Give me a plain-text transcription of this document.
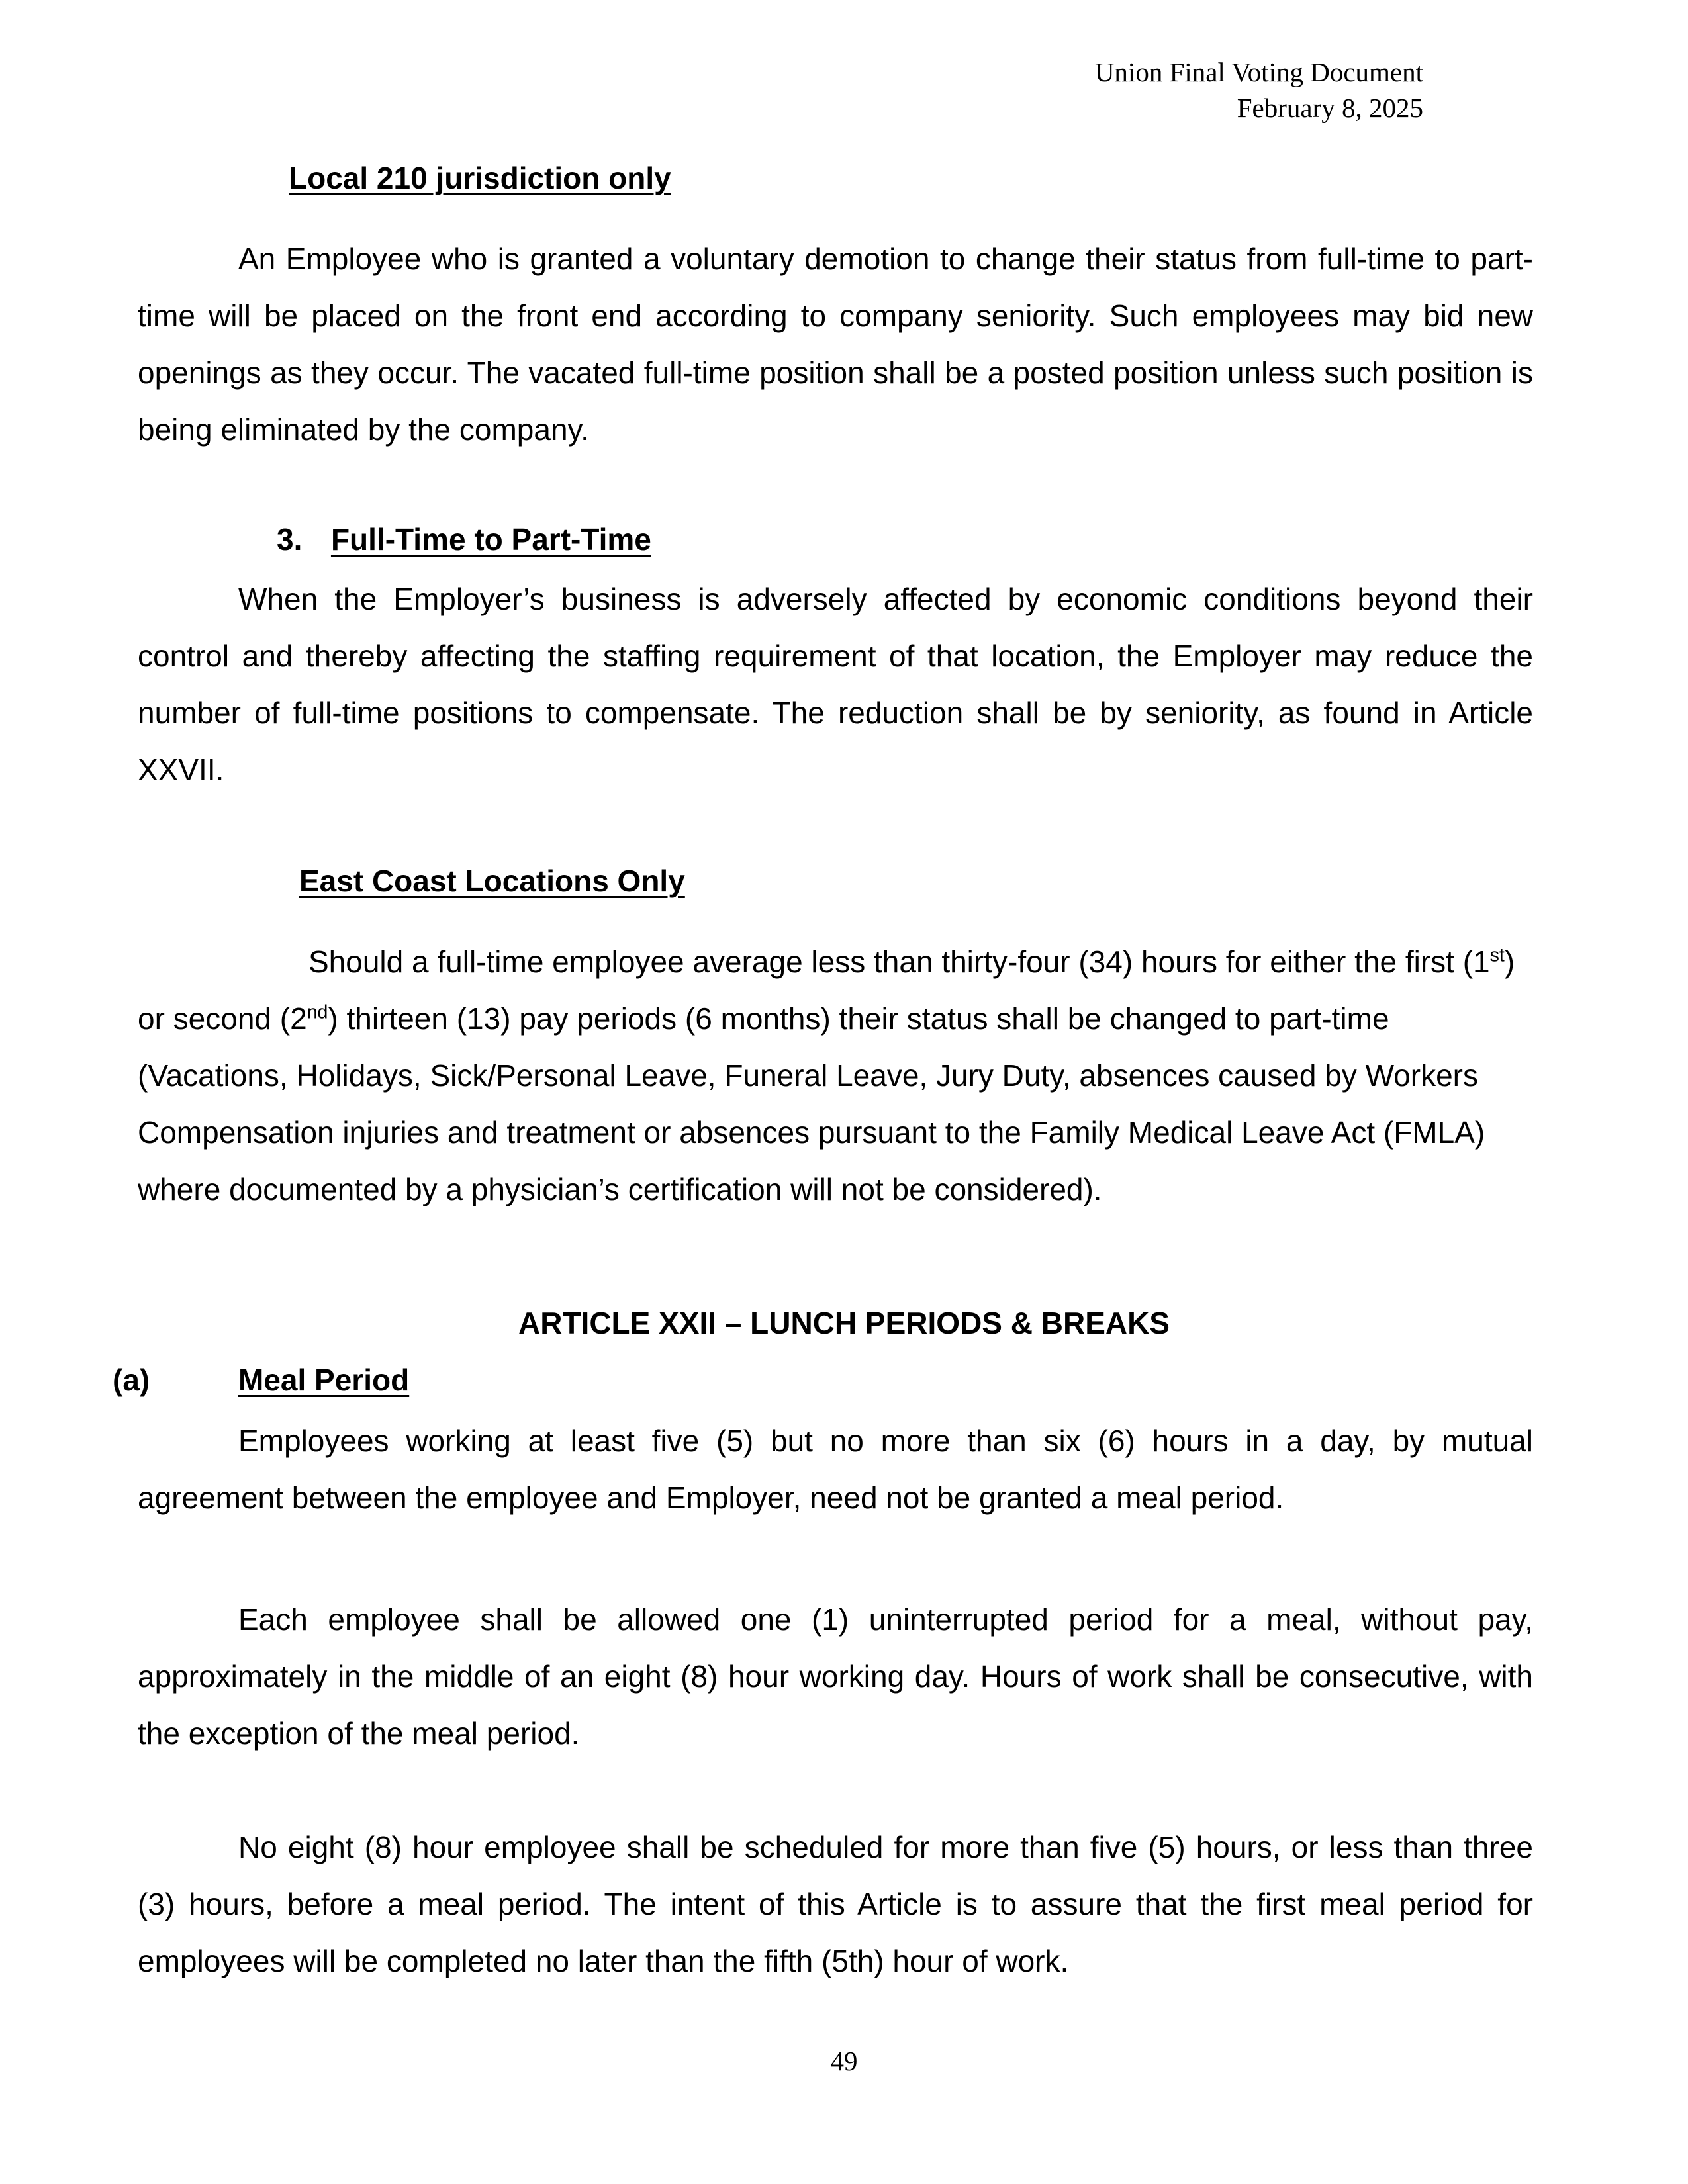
Union Final Voting Document
February 8, 2025
Local 210 jurisdiction only
An Employee who is granted a voluntary demotion to change their status from full-time to part-time will be placed on the front end according to company seniority. Such employees may bid new openings as they occur. The vacated full-time position shall be a posted position unless such position is being eliminated by the company.
3. Full-Time to Part-Time
When the Employer’s business is adversely affected by economic conditions beyond their control and thereby affecting the staffing requirement of that location, the Employer may reduce the number of full-time positions to compensate. The reduction shall be by seniority, as found in Article XXVII.
East Coast Locations Only
Should a full-time employee average less than thirty-four (34) hours for either the first (1st) or second (2nd) thirteen (13) pay periods (6 months) their status shall be changed to part-time (Vacations, Holidays, Sick/Personal Leave, Funeral Leave, Jury Duty, absences caused by Workers Compensation injuries and treatment or absences pursuant to the Family Medical Leave Act (FMLA) where documented by a physician’s certification will not be considered).
ARTICLE XXII – LUNCH PERIODS & BREAKS
(a)	Meal Period
Employees working at least five (5) but no more than six (6) hours in a day, by mutual agreement between the employee and Employer, need not be granted a meal period.
Each employee shall be allowed one (1) uninterrupted period for a meal, without pay, approximately in the middle of an eight (8) hour working day. Hours of work shall be consecutive, with the exception of the meal period.
No eight (8) hour employee shall be scheduled for more than five (5) hours, or less than three (3) hours, before a meal period. The intent of this Article is to assure that the first meal period for employees will be completed no later than the fifth (5th) hour of work.
49
